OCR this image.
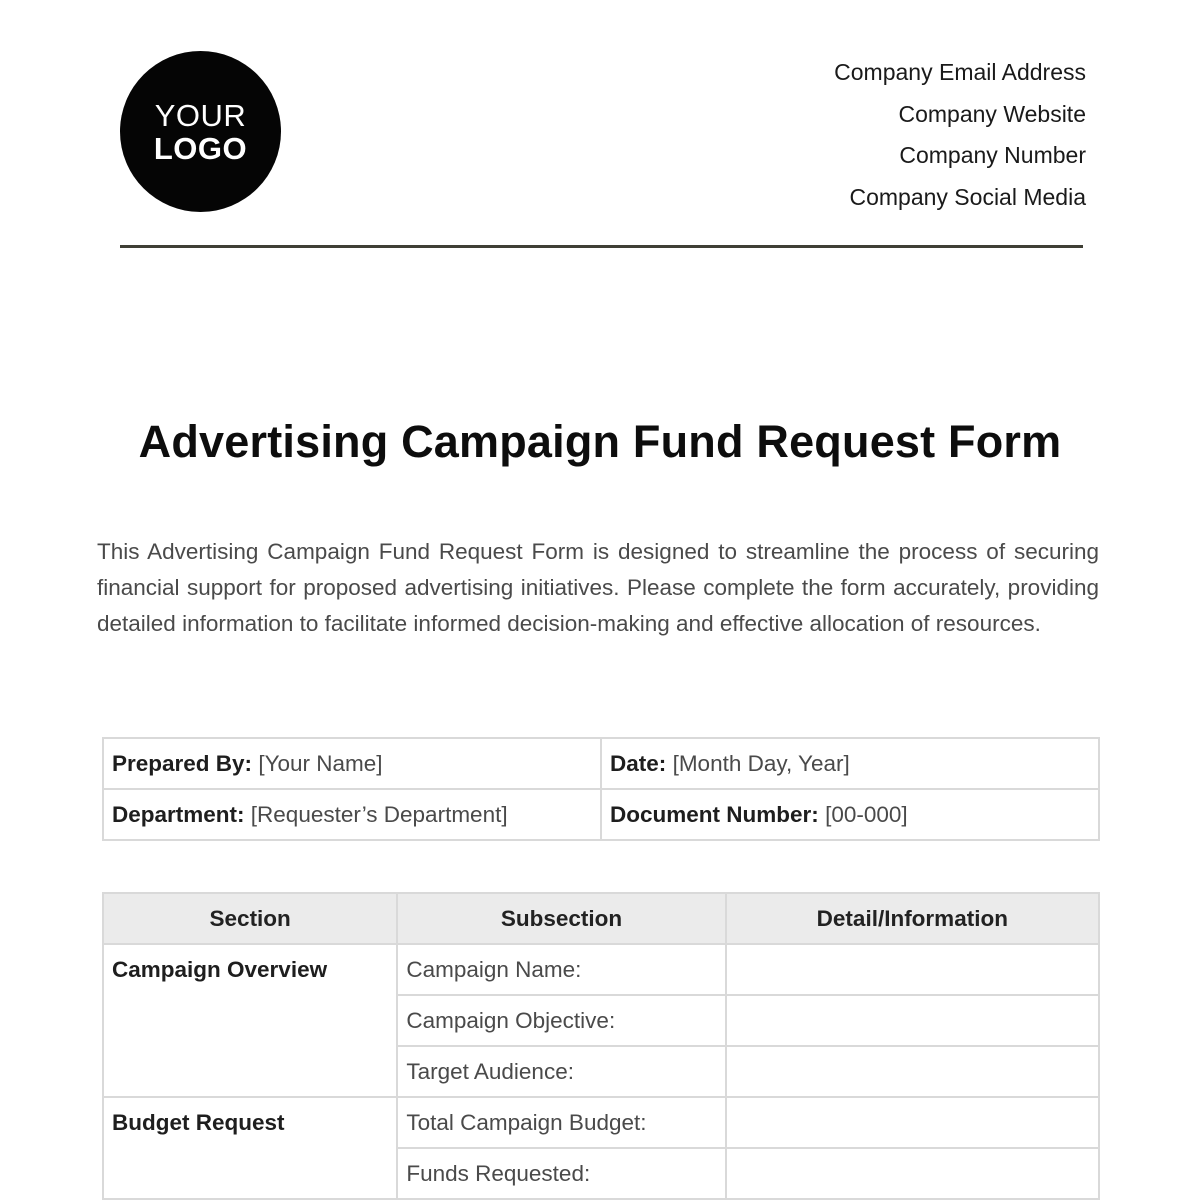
YOUR
LOGO
Company Email Address
Company Website
Company Number
Company Social Media
Advertising Campaign Fund Request Form
This Advertising Campaign Fund Request Form is designed to streamline the process of securing financial support for proposed advertising initiatives. Please complete the form accurately, providing detailed information to facilitate informed decision-making and effective allocation of resources.
Prepared By: [Your Name]	Date: [Month Day, Year]
Department: [Requester’s Department]	Document Number: [00-000]
Section	Subsection	Detail/Information
Campaign Overview	Campaign Name:	
	Campaign Objective:	
	Target Audience:	
Budget Request	Total Campaign Budget:	
	Funds Requested:	
